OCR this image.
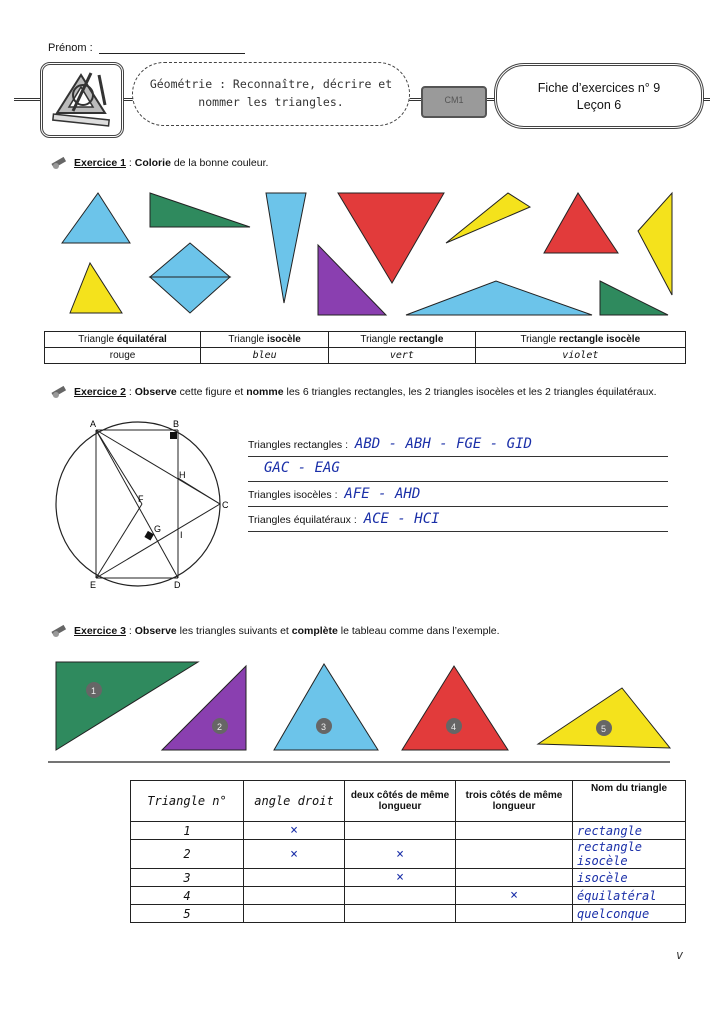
Prénom :
Géométrie : Reconnaître, décrire et
nommer les triangles.	CM1
Fiche d’exercices n° 9
Leçon 6
Exercice 1 : Colorie de la bonne couleur.
Triangle équilatéral	Triangle isocèle	Triangle rectangle	Triangle rectangle isocèle
rouge	bleu	vert	violet
Exercice 2 : Observe cette figure et nomme les 6 triangles rectangles, les 2 triangles isocèles et les 2 triangles équilatéraux.
A	B
H
F
C
G
I
E	D
Triangles rectangles : ABD - ABH - FGE - GID
GAC - EAG
Triangles isocèles : AFE - AHD
Triangles équilatéraux : ACE - HCI
Exercice 3 : Observe les triangles suivants et complète le tableau comme dans l’exemple.
1
2	3	4	5
Triangle n°	angle droit	deux côtés de même longueur	trois côtés de même longueur	Nom du triangle
1	×			rectangle
2	×	×		rectangle isocèle
3		×		isocèle
4			×	équilatéral
5				quelconque
v
